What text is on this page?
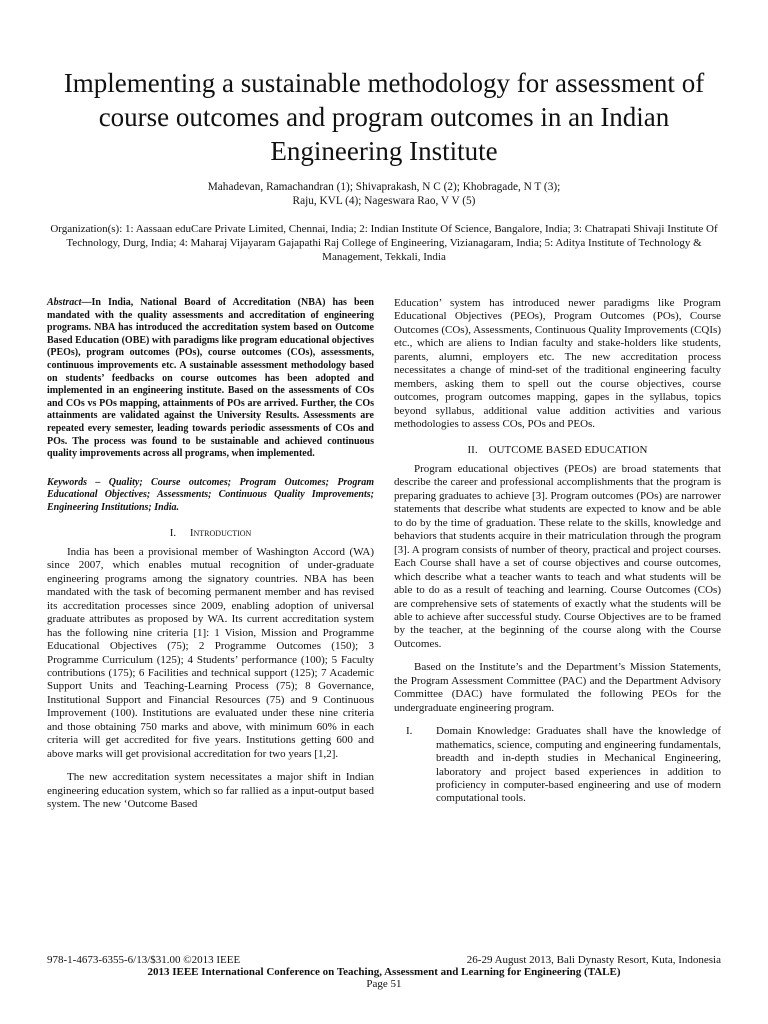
Implementing a sustainable methodology for assessment of course outcomes and program outcomes in an Indian Engineering Institute
Mahadevan, Ramachandran (1); Shivaprakash, N C (2); Khobragade, N T (3);
Raju, KVL (4); Nageswara Rao, V V (5)
Organization(s): 1: Aassaan eduCare Private Limited, Chennai, India; 2: Indian Institute Of Science, Bangalore, India; 3: Chatrapati Shivaji Institute Of Technology, Durg, India; 4: Maharaj Vijayaram Gajapathi Raj College of Engineering, Vizianagaram, India; 5: Aditya Institute of Technology & Management, Tekkali, India

Abstract—In India, National Board of Accreditation (NBA) has been mandated with the quality assessments and accreditation of engineering programs. NBA has introduced the accreditation system based on Outcome Based Education (OBE) with paradigms like program educational objectives (PEOs), program outcomes (POs), course outcomes (COs), assessments, continuous improvements etc. A sustainable assessment methodology based on students’ feedbacks on course outcomes has been adopted and implemented in an engineering institute. Based on the assessments of COs and COs vs POs mapping, attainments of POs are arrived. Further, the COs attainments are validated against the University Results. Assessments are repeated every semester, leading towards periodic assessments of COs and POs. The process was found to be sustainable and achieved continuous quality improvements across all programs, when implemented.

Keywords – Quality; Course outcomes; Program Outcomes; Program Educational Objectives; Assessments; Continuous Quality Improvements; Engineering Institutions; India.

I. Introduction

India has been a provisional member of Washington Accord (WA) since 2007, which enables mutual recognition of under-graduate engineering programs among the signatory countries. NBA has been mandated with the task of becoming permanent member and has revised its accreditation processes since 2009, enabling adoption of universal graduate attributes as proposed by WA. Its current accreditation system has the following nine criteria [1]: 1 Vision, Mission and Programme Educational Objectives (75); 2 Programme Outcomes (150); 3 Programme Curriculum (125); 4 Students’ performance (100); 5 Faculty contributions (175); 6 Facilities and technical support (125); 7 Academic Support Units and Teaching-Learning Process (75); 8 Governance, Institutional Support and Financial Resources (75) and 9 Continuous Improvement (100). Institutions are evaluated under these nine criteria and those obtaining 750 marks and above, with minimum 60% in each criteria will get accredited for five years. Institutions getting 600 and above marks will get provisional accreditation for two years [1,2].

The new accreditation system necessitates a major shift in Indian engineering education system, which so far rallied as a input-output based system. The new ‘Outcome Based

Education’ system has introduced newer paradigms like Program Educational Objectives (PEOs), Program Outcomes (POs), Course Outcomes (COs), Assessments, Continuous Quality Improvements (CQIs) etc., which are aliens to Indian faculty and stake-holders like students, parents, alumni, employers etc. The new accreditation process necessitates a change of mind-set of the traditional engineering faculty members, asking them to spell out the course objectives, course outcomes, program outcomes mapping, gapes in the syllabus, topics beyond syllabus, additional value addition activities and various methodologies to assess COs, POs and PEOs.

II. OUTCOME BASED EDUCATION

Program educational objectives (PEOs) are broad statements that describe the career and professional accomplishments that the program is preparing graduates to achieve [3]. Program outcomes (POs) are narrower statements that describe what students are expected to know and be able to do by the time of graduation. These relate to the skills, knowledge and behaviors that students acquire in their matriculation through the program [3]. A program consists of number of theory, practical and project courses. Each Course shall have a set of course objectives and course outcomes, which describe what a teacher wants to teach and what students will be able to do as a result of teaching and learning. Course Outcomes (COs) are comprehensive sets of statements of exactly what the students will be able to achieve after successful study. Course Objectives are to be framed by the teacher, at the beginning of the course along with the Course Outcomes.

Based on the Institute’s and the Department’s Mission Statements, the Program Assessment Committee (PAC) and the Department Advisory Committee (DAC) have formulated the following PEOs for the undergraduate engineering program.

I.	Domain Knowledge: Graduates shall have the knowledge of mathematics, science, computing and engineering fundamentals, breadth and in-depth studies in Mechanical Engineering, laboratory and project based experiences in addition to proficiency in computer-based engineering and use of modern computational tools.
978-1-4673-6355-6/13/$31.00 ©2013 IEEE	26-29 August 2013, Bali Dynasty Resort, Kuta, Indonesia
2013 IEEE International Conference on Teaching, Assessment and Learning for Engineering (TALE)
Page 51
